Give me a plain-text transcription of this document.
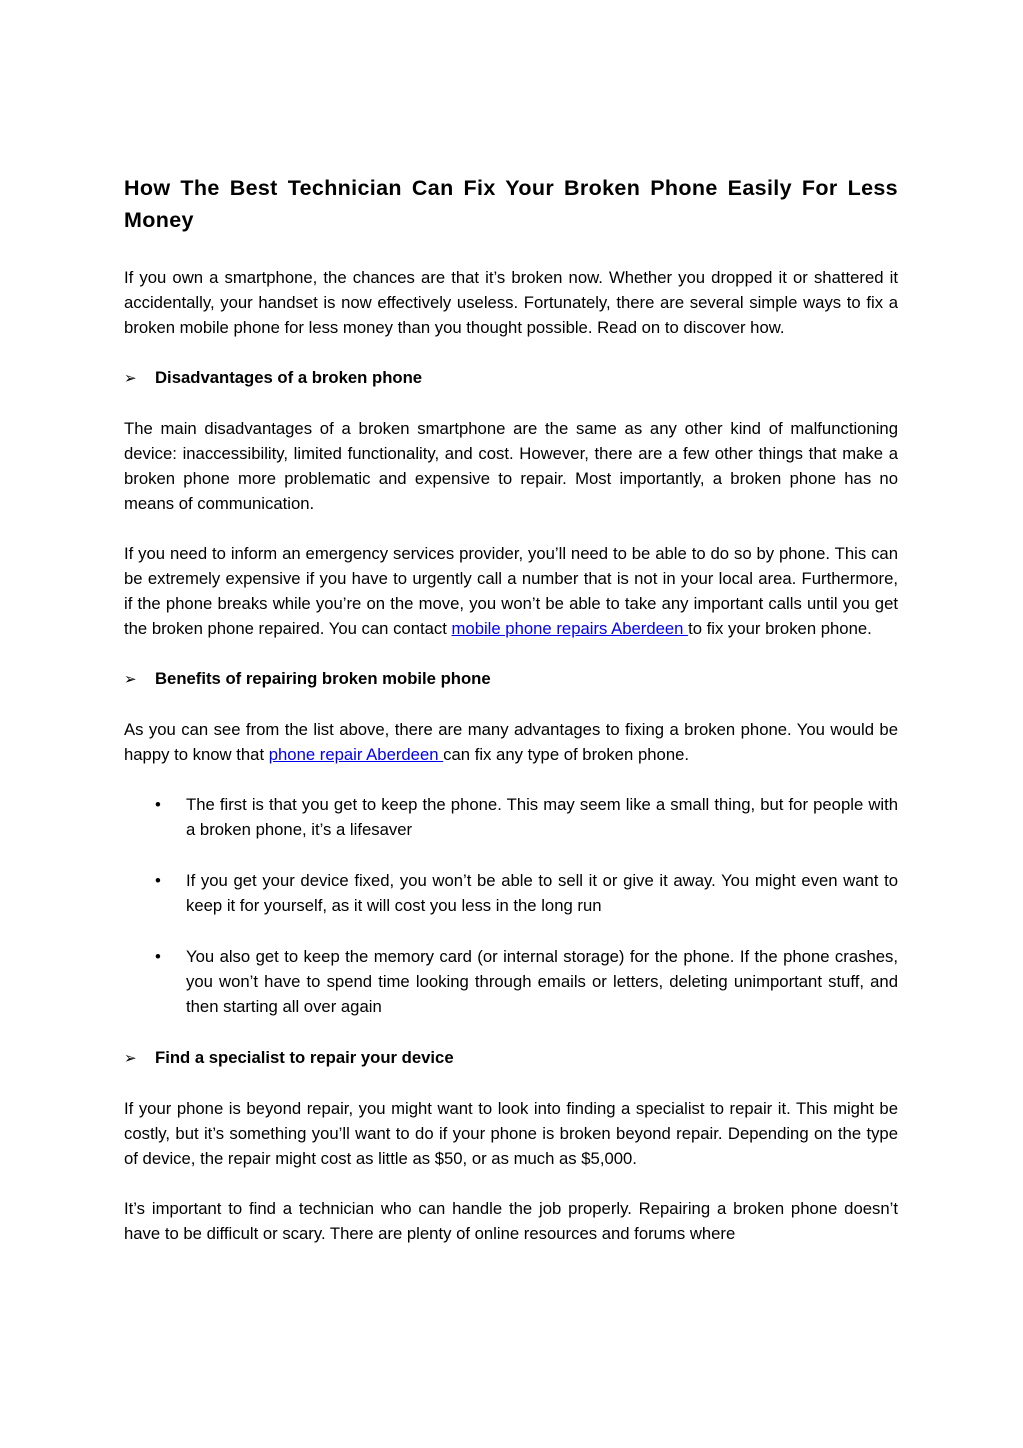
How The Best Technician Can Fix Your Broken Phone Easily For Less Money

If you own a smartphone, the chances are that it’s broken now. Whether you dropped it or shattered it accidentally, your handset is now effectively useless. Fortunately, there are several simple ways to fix a broken mobile phone for less money than you thought possible. Read on to discover how.

➢	Disadvantages of a broken phone

The main disadvantages of a broken smartphone are the same as any other kind of malfunctioning device: inaccessibility, limited functionality, and cost. However, there are a few other things that make a broken phone more problematic and expensive to repair. Most importantly, a broken phone has no means of communication.

If you need to inform an emergency services provider, you’ll need to be able to do so by phone. This can be extremely expensive if you have to urgently call a number that is not in your local area. Furthermore, if the phone breaks while you’re on the move, you won’t be able to take any important calls until you get the broken phone repaired. You can contact mobile phone repairs Aberdeen to fix your broken phone.

➢	Benefits of repairing broken mobile phone

As you can see from the list above, there are many advantages to fixing a broken phone. You would be happy to know that phone repair Aberdeen can fix any type of broken phone.

•	The first is that you get to keep the phone. This may seem like a small thing, but for people with a broken phone, it’s a lifesaver
•	If you get your device fixed, you won’t be able to sell it or give it away. You might even want to keep it for yourself, as it will cost you less in the long run
•	You also get to keep the memory card (or internal storage) for the phone. If the phone crashes, you won’t have to spend time looking through emails or letters, deleting unimportant stuff, and then starting all over again
➢	Find a specialist to repair your device

If your phone is beyond repair, you might want to look into finding a specialist to repair it. This might be costly, but it’s something you’ll want to do if your phone is broken beyond repair. Depending on the type of device, the repair might cost as little as $50, or as much as $5,000.

It’s important to find a technician who can handle the job properly. Repairing a broken phone doesn’t have to be difficult or scary. There are plenty of online resources and forums where
